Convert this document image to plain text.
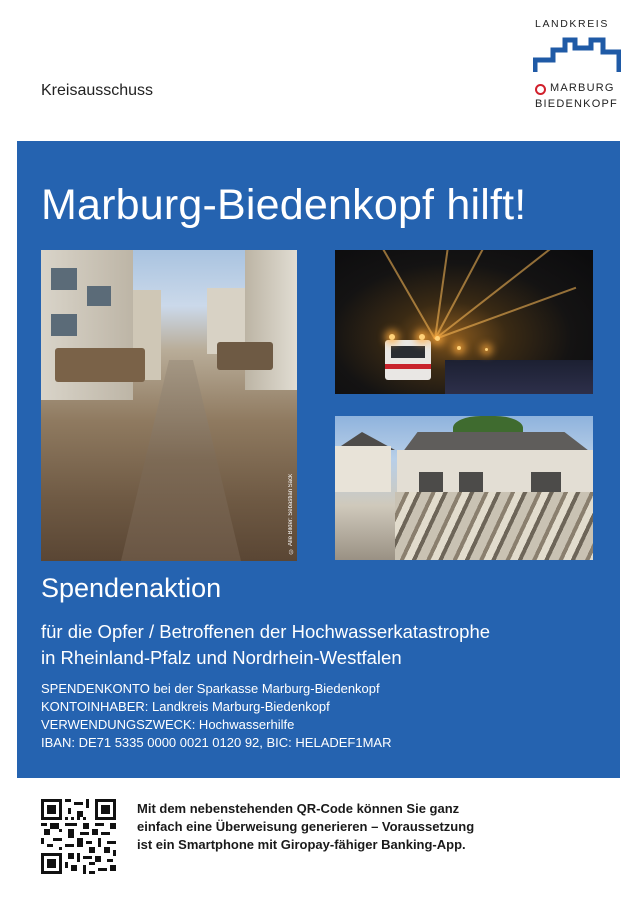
Kreisausschuss
LANDKREIS
MARBURG
BIEDENKOPF
Marburg-Biedenkopf hilft!
© Alle Bilder: Sebastian Sack
Spendenaktion
für die Opfer / Betroffenen der Hochwasserkatastrophe
in Rheinland-Pfalz und Nordrhein-Westfalen
SPENDENKONTO bei der Sparkasse Marburg-Biedenkopf
KONTOINHABER: Landkreis Marburg-Biedenkopf
VERWENDUNGSZWECK: Hochwasserhilfe
IBAN: DE71 5335 0000 0021 0120 92, BIC: HELADEF1MAR
Mit dem nebenstehenden QR-Code können Sie ganz
einfach eine Überweisung generieren – Voraussetzung
ist ein Smartphone mit Giropay-fähiger Banking-App.
